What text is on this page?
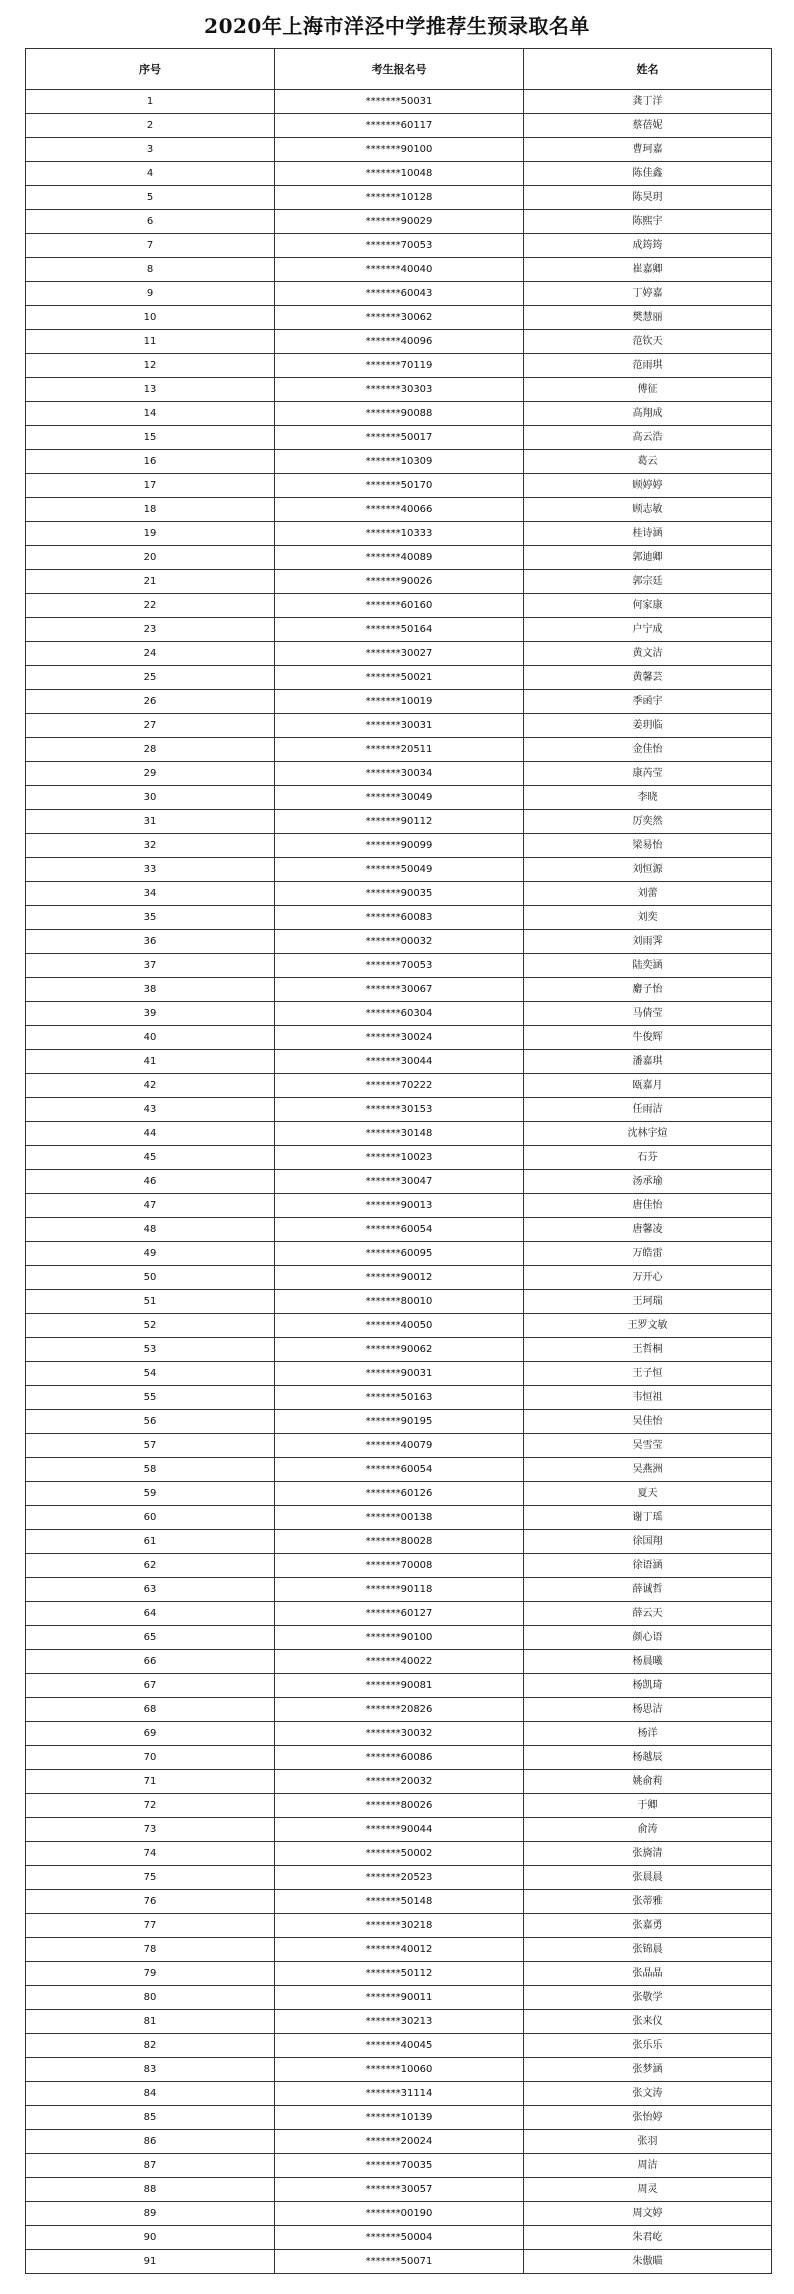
2020年上海市洋泾中学推荐生预录取名单
序号	考生报名号	姓名
1	*******50031	龚丁洋
2	*******60117	蔡蓓妮
3	*******90100	曹珂嘉
4	*******10048	陈佳鑫
5	*******10128	陈昊玥
6	*******90029	陈熙宇
7	*******70053	成筠筠
8	*******40040	崔嘉卿
9	*******60043	丁婷嘉
10	*******30062	樊慧丽
11	*******40096	范钦天
12	*******70119	范雨琪
13	*******30303	傅征
14	*******90088	高翔成
15	*******50017	高云浩
16	*******10309	葛云
17	*******50170	顾婷婷
18	*******40066	顾志敏
19	*******10333	桂诗涵
20	*******40089	郭迪卿
21	*******90026	郭宗廷
22	*******60160	何家康
23	*******50164	户宁成
24	*******30027	黄文洁
25	*******50021	黄馨芸
26	*******10019	季函宇
27	*******30031	姜玥临
28	*******20511	金佳怡
29	*******30034	康芮莹
30	*******30049	李晓
31	*******90112	厉奕然
32	*******90099	梁易怡
33	*******50049	刘恒源
34	*******90035	刘蕾
35	*******60083	刘奕
36	*******00032	刘雨霁
37	*******70053	陆奕涵
38	*******30067	麝子怡
39	*******60304	马倩莹
40	*******30024	牛俊辉
41	*******30044	潘嘉琪
42	*******70222	瓯嘉月
43	*******30153	任雨洁
44	*******30148	沈林宇煊
45	*******10023	石芬
46	*******30047	汤承瑜
47	*******90013	唐佳怡
48	*******60054	唐馨凌
49	*******60095	万皓雷
50	*******90012	万开心
51	*******80010	王珂瑞
52	*******40050	王罗文敏
53	*******90062	王哲桐
54	*******90031	王子恒
55	*******50163	韦恒祖
56	*******90195	吴佳怡
57	*******40079	吴雪莹
58	*******60054	吴燕洲
59	*******60126	夏天
60	*******00138	谢丁瑶
61	*******80028	徐国翔
62	*******70008	徐语涵
63	*******90118	薛诚哲
64	*******60127	薛云天
65	*******90100	颜心语
66	*******40022	杨晨曦
67	*******90081	杨凯琦
68	*******20826	杨思洁
69	*******30032	杨洋
70	*******60086	杨越辰
71	*******20032	姚俞莉
72	*******80026	于卿
73	*******90044	俞涛
74	*******50002	张旖清
75	*******20523	张晨晨
76	*******50148	张蒂雅
77	*******30218	张嘉勇
78	*******40012	张锦晨
79	*******50112	张晶晶
80	*******90011	张敬学
81	*******30213	张来仪
82	*******40045	张乐乐
83	*******10060	张梦涵
84	*******31114	张文涛
85	*******10139	张怡婷
86	*******20024	张羽
87	*******70035	周洁
88	*******30057	周灵
89	*******00190	周文婷
90	*******50004	朱君屹
91	*******50071	朱傲瞄
